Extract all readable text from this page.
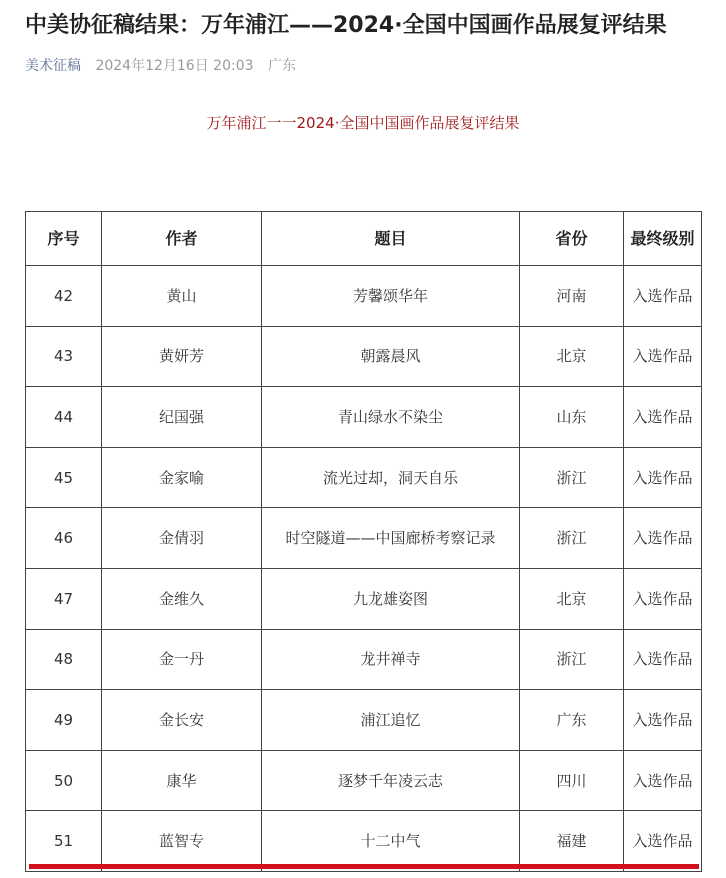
中美协征稿结果：万年浦江——2024·全国中国画作品展复评结果
美术征稿 2024年12月16日 20:03 广东
万年浦江一一2024·全国中国画作品展复评结果
序号	作者	题目	省份	最终级别
42	黄山	芳馨颂华年	河南	入选作品
43	黄妍芳	朝露晨风	北京	入选作品
44	纪国强	青山绿水不染尘	山东	入选作品
45	金家喻	流光过却，洞天自乐	浙江	入选作品
46	金倩羽	时空隧道——中国廊桥考察记录	浙江	入选作品
47	金维久	九龙雄姿图	北京	入选作品
48	金一丹	龙井禅寺	浙江	入选作品
49	金长安	浦江追忆	广东	入选作品
50	康华	逐梦千年凌云志	四川	入选作品
51	蓝智专	十二中气	福建	入选作品
